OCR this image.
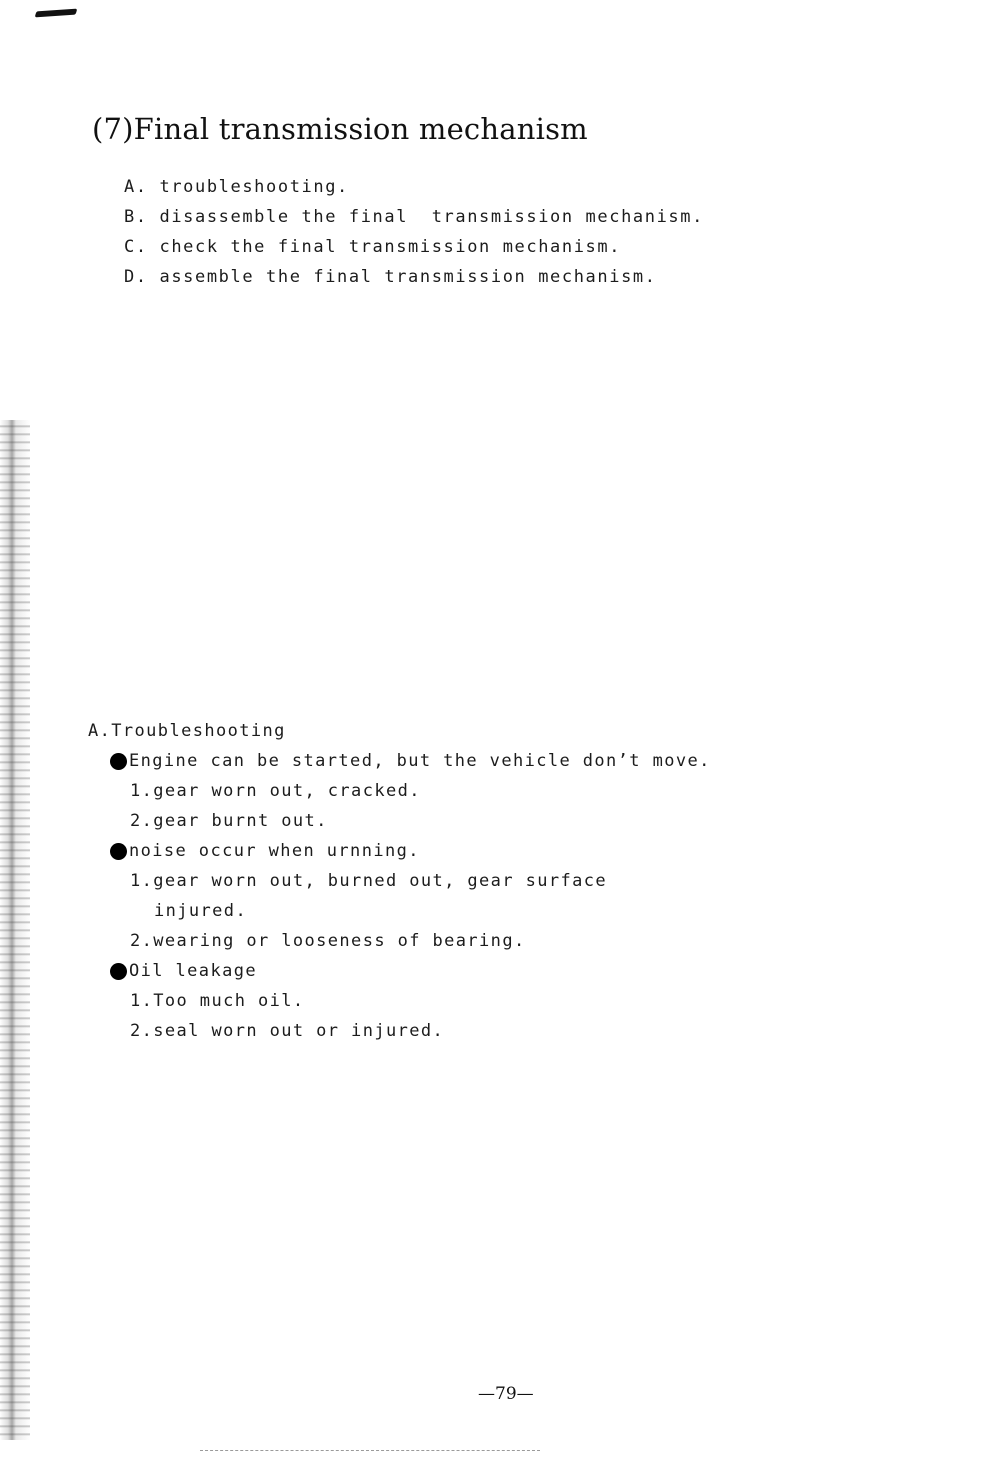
(7)Final transmission mechanism
A. troubleshooting.
B. disassemble the final  transmission mechanism.
C. check the final transmission mechanism.
D. assemble the final transmission mechanism.
A.Troubleshooting
Engine can be started, but the vehicle don’t move.
1.gear worn out, cracked.
2.gear burnt out.
noise occur when urnning.
1.gear worn out, burned out, gear surface
injured.
2.wearing or looseness of bearing.
Oil leakage
1.Too much oil.
2.seal worn out or injured.
—79—
